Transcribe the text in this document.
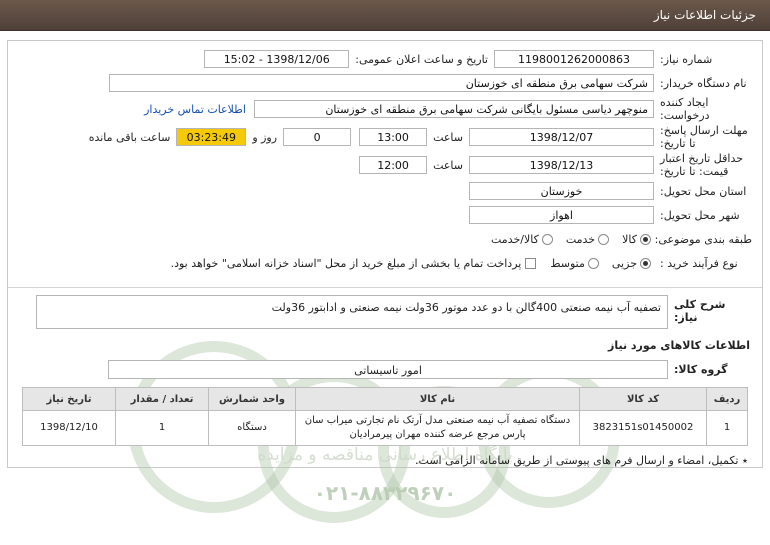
جزئیات اطلاعات نیاز
پایگاه اطلاع رسانی مناقصه و مزایده
۰۲۱-۸۸۳۲۹۶۷۰
شماره نیاز:
1198001262000863
تاریخ و ساعت اعلان عمومی:
1398/12/06 - 15:02
نام دستگاه خریدار:
شرکت سهامی برق منطقه ای خوزستان
ایجاد کننده
درخواست:
منوچهر دیاسی مسئول بایگانی شرکت سهامی برق منطقه ای خوزستان
اطلاعات تماس خریدار
مهلت ارسال پاسخ:
تا تاریخ:
1398/12/07
ساعت
13:00
0
روز و
03:23:49
ساعت باقی مانده
حداقل تاریخ اعتبار
قیمت: تا تاریخ:
1398/12/13
ساعت
12:00
استان محل تحویل:
خوزستان
شهر محل تحویل:
اهواز
طبقه بندی موضوعی:
کالا
خدمت
کالا/خدمت
نوع فرآیند خرید :
جزیی
متوسط
پرداخت تمام یا بخشی از مبلغ خرید از محل "اسناد خزانه اسلامی" خواهد بود.
شرح کلی نیاز:
تصفیه آب نیمه صنعتی 400گالن با دو عدد موتور 36ولت نیمه صنعتی و ادابتور 36ولت
اطلاعات کالاهای مورد نیاز
گروه کالا:
امور تاسیساتی
ردیف	کد کالا	نام کالا	واحد شمارش	تعداد / مقدار	تاریخ نیاز
1	3823151s01450002	دستگاه تصفیه آب نیمه صنعتی مدل آرتک نام تجارتی میراب سان پارس مرجع عرضه کننده مهران پیرمرادیان	دستگاه	1	1398/12/10
٭ تکمیل، امضاء و ارسال فرم های پیوستی از طریق سامانه الزامی است.
